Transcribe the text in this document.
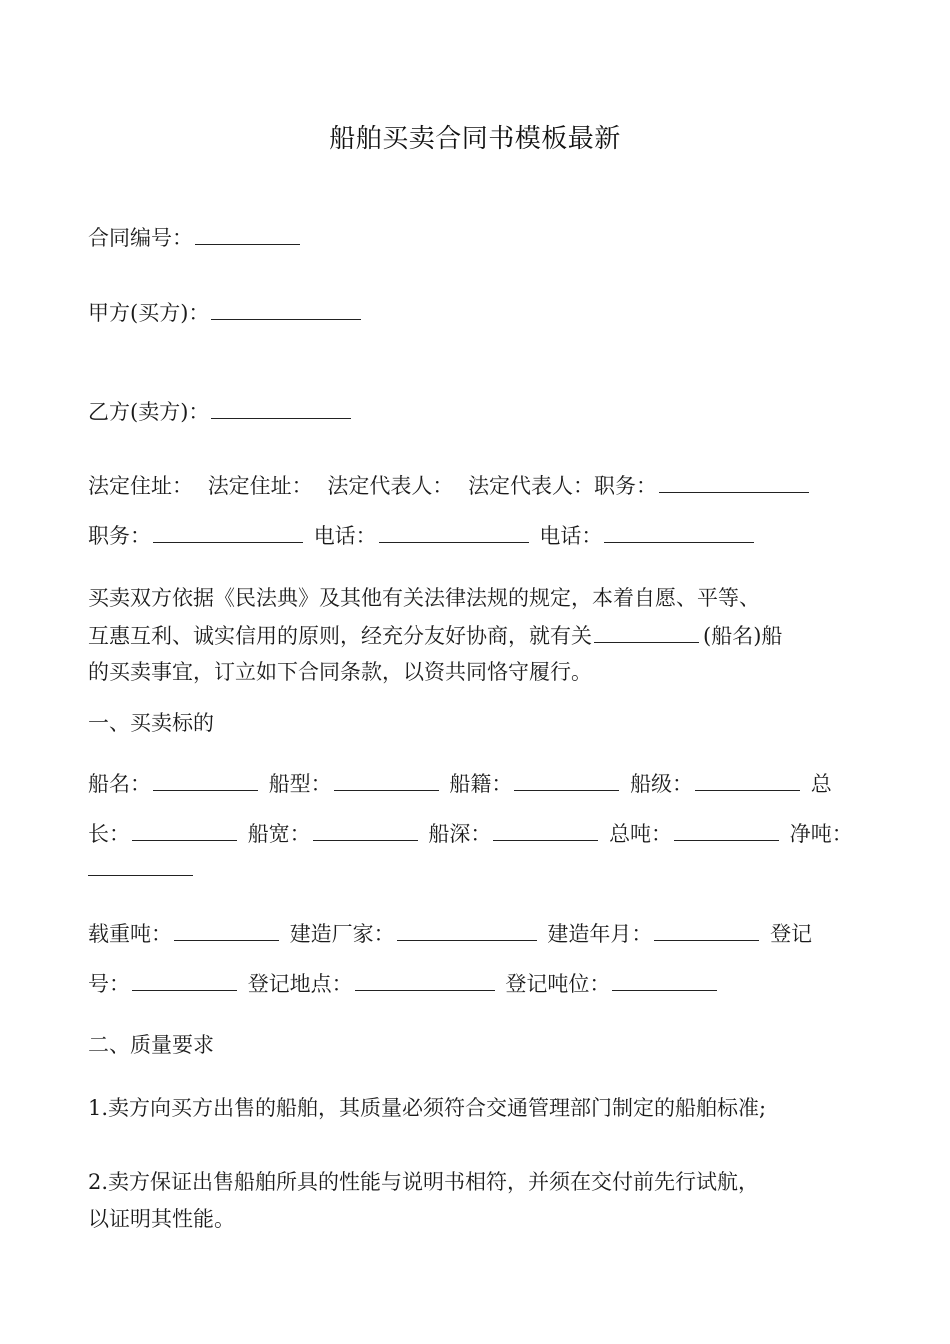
船舶买卖合同书模板最新
合同编号：
甲方(买方)：
乙方(卖方)：
法定住址： 法定住址： 法定代表人： 法定代表人：职务：
职务：	电话：	电话：
买卖双方依据《民法典》及其他有关法律法规的规定，本着自愿、平等、
互惠互利、诚实信用的原则，经充分友好协商，就有关	(船名)船
的买卖事宜，订立如下合同条款，以资共同恪守履行。
一、买卖标的
船名：	船型：	船籍：	船级：	总
长：	船宽：	船深：	总吨：	净吨：
载重吨：	建造厂家：	建造年月：	登记
号：	登记地点：	登记吨位：
二、质量要求
1.卖方向买方出售的船舶，其质量必须符合交通管理部门制定的船舶标准;
2.卖方保证出售船舶所具的性能与说明书相符，并须在交付前先行试航，
以证明其性能。
